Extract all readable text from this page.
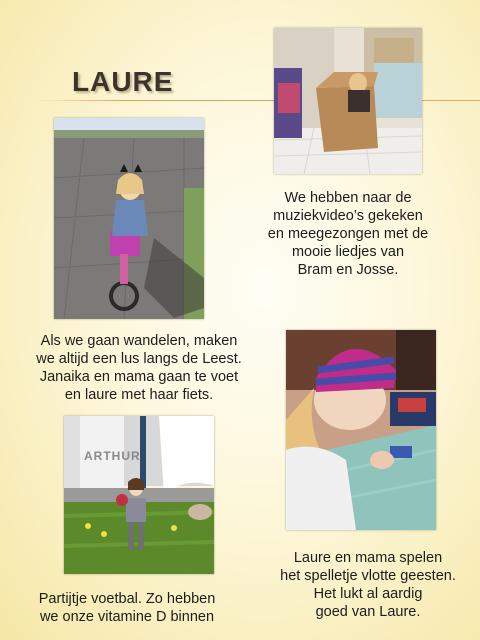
LAURE
ARTHUR
We hebben naar de
muziekvideo’s gekeken
en meegezongen met de
mooie liedjes van
Bram en Josse.
Als we gaan wandelen, maken
we altijd een lus langs de Leest.
Janaika en mama gaan te voet
en laure met haar fiets.
Laure en mama spelen
het spelletje vlotte geesten.
Het lukt al aardig
goed van Laure.
Partijtje voetbal. Zo hebben
we onze vitamine D binnen
